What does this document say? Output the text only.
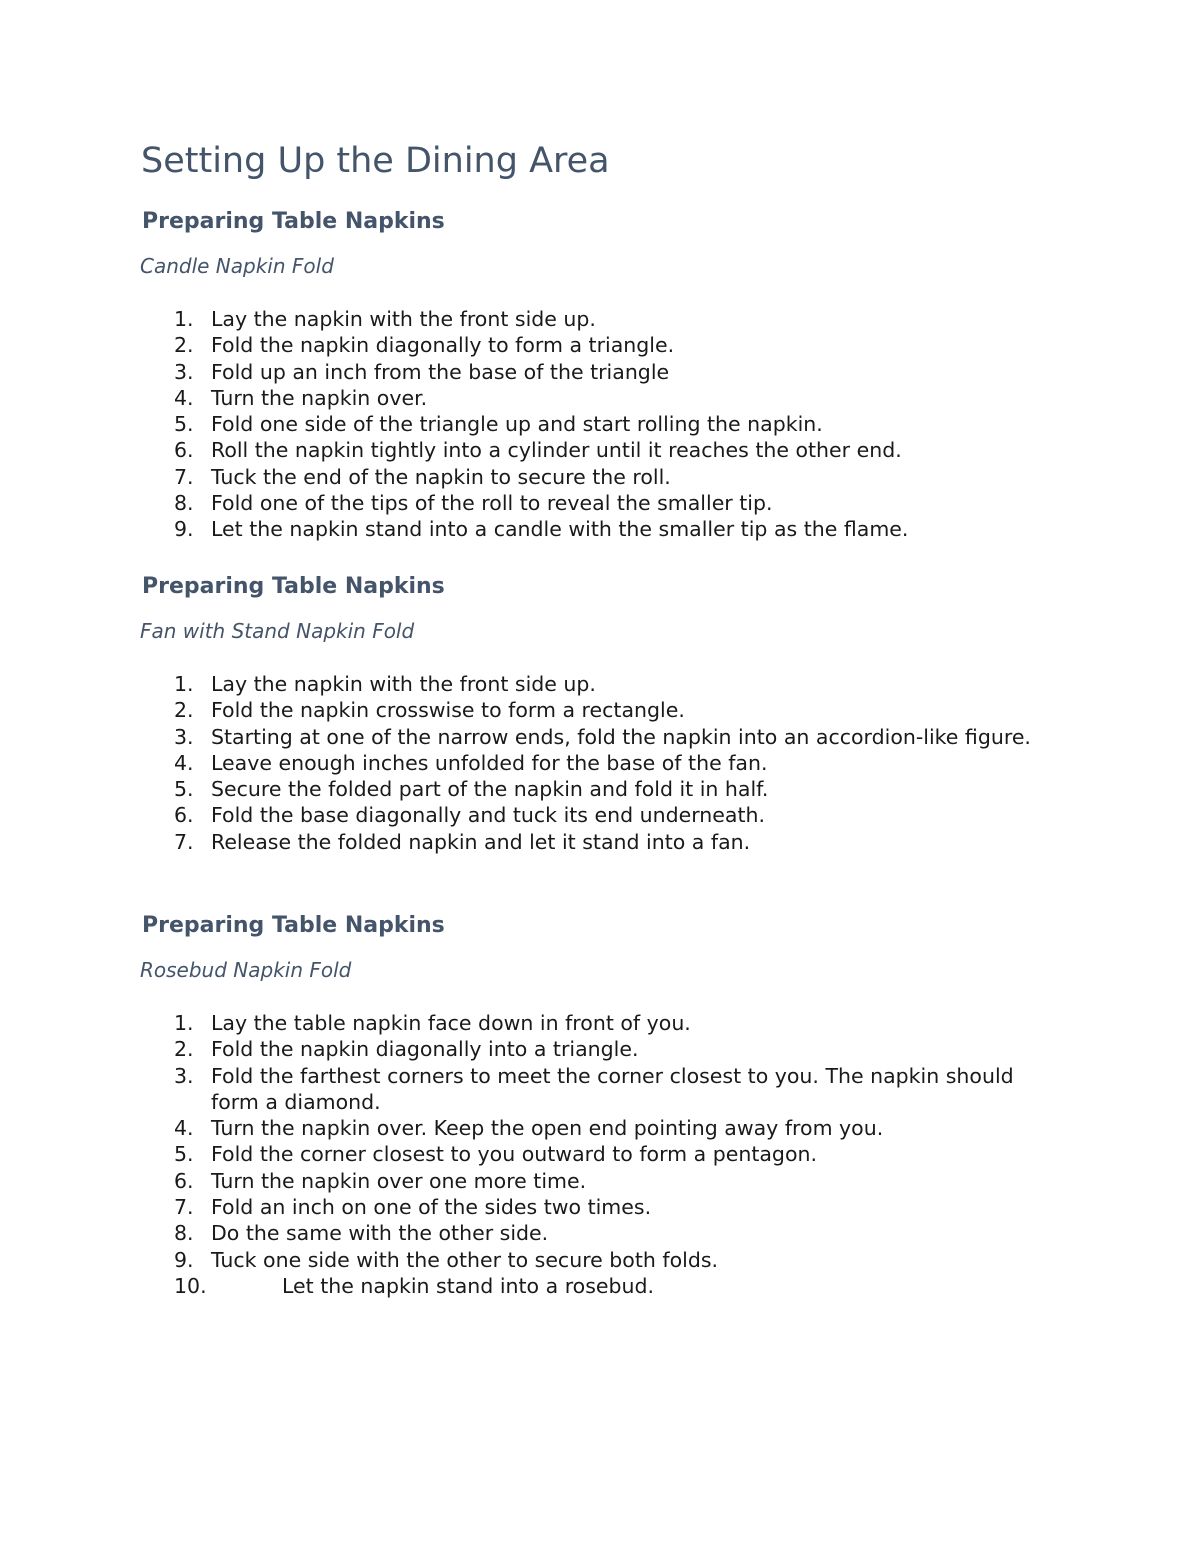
Setting Up the Dining Area
Preparing Table Napkins
Candle Napkin Fold
1. Lay the napkin with the front side up.
2. Fold the napkin diagonally to form a triangle.
3. Fold up an inch from the base of the triangle
4. Turn the napkin over.
5. Fold one side of the triangle up and start rolling the napkin.
6. Roll the napkin tightly into a cylinder until it reaches the other end.
7. Tuck the end of the napkin to secure the roll.
8. Fold one of the tips of the roll to reveal the smaller tip.
9. Let the napkin stand into a candle with the smaller tip as the flame.
Preparing Table Napkins
Fan with Stand Napkin Fold
1. Lay the napkin with the front side up.
2. Fold the napkin crosswise to form a rectangle.
3. Starting at one of the narrow ends, fold the napkin into an accordion-like figure.
4. Leave enough inches unfolded for the base of the fan.
5. Secure the folded part of the napkin and fold it in half.
6. Fold the base diagonally and tuck its end underneath.
7. Release the folded napkin and let it stand into a fan.
Preparing Table Napkins
Rosebud Napkin Fold
1. Lay the table napkin face down in front of you.
2. Fold the napkin diagonally into a triangle.
3. Fold the farthest corners to meet the corner closest to you. The napkin should form a diamond.
4. Turn the napkin over. Keep the open end pointing away from you.
5. Fold the corner closest to you outward to form a pentagon.
6. Turn the napkin over one more time.
7. Fold an inch on one of the sides two times.
8. Do the same with the other side.
9. Tuck one side with the other to secure both folds.
10.	Let the napkin stand into a rosebud.
